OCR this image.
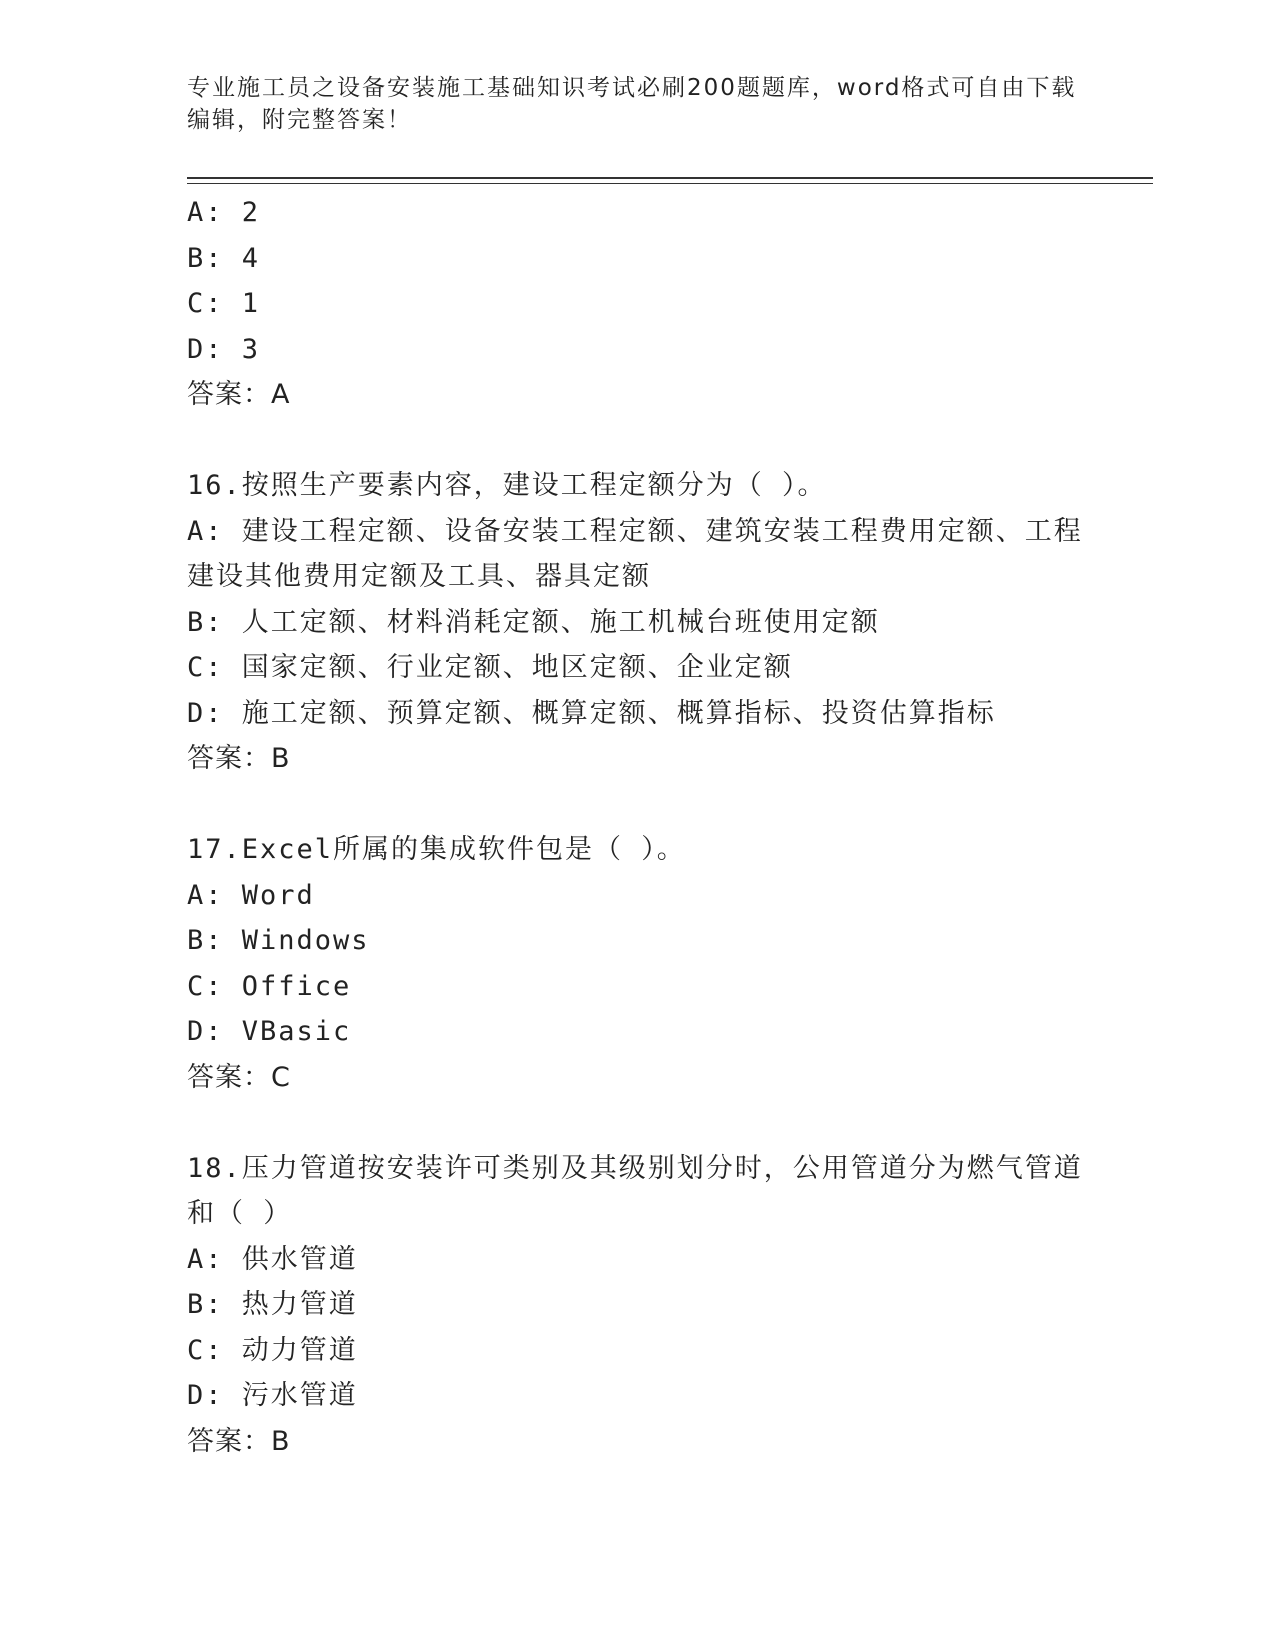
专业施工员之设备安装施工基础知识考试必刷200题题库，word格式可自由下载编辑，附完整答案！
A: 2
B: 4
C: 1
D: 3
答案：A
16.按照生产要素内容，建设工程定额分为（ ）。
A: 建设工程定额、设备安装工程定额、建筑安装工程费用定额、工程
建设其他费用定额及工具、器具定额
B: 人工定额、材料消耗定额、施工机械台班使用定额
C: 国家定额、行业定额、地区定额、企业定额
D: 施工定额、预算定额、概算定额、概算指标、投资估算指标
答案：B
17.Excel所属的集成软件包是（ ）。
A: Word
B: Windows
C: Office
D: VBasic
答案：C
18.压力管道按安装许可类别及其级别划分时，公用管道分为燃气管道
和（ ）
A: 供水管道
B: 热力管道
C: 动力管道
D: 污水管道
答案：B
